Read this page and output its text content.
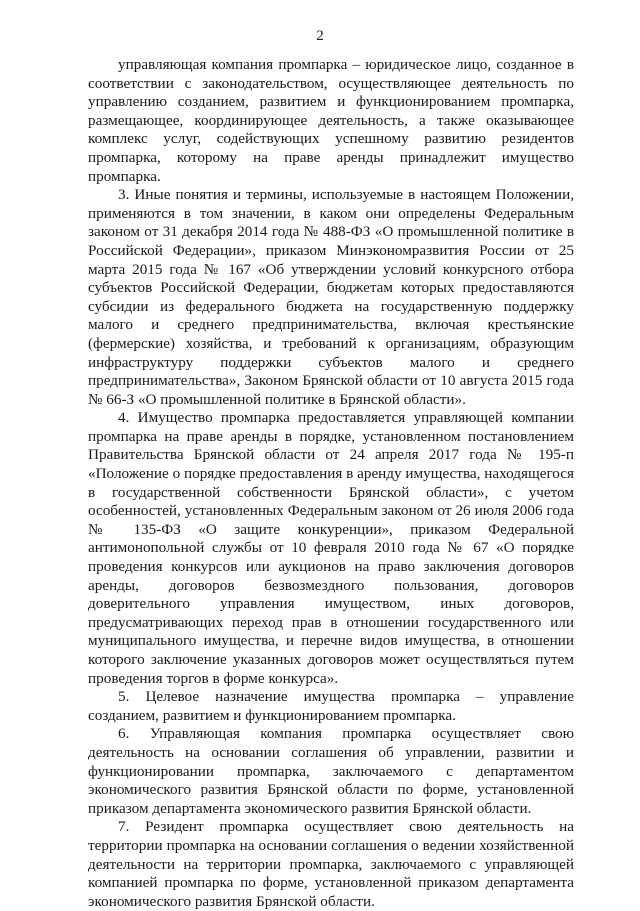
2

управляющая компания промпарка – юридическое лицо, созданное в соответствии с законодательством, осуществляющее деятельность по управлению созданием, развитием и функционированием промпарка, размещающее, координирующее деятельность, а также оказывающее комплекс услуг, содействующих успешному развитию резидентов промпарка, которому на праве аренды принадлежит имущество промпарка.

3. Иные понятия и термины, используемые в настоящем Положении, применяются в том значении, в каком они определены Федеральным законом от 31 декабря 2014 года № 488-ФЗ «О промышленной политике в Российской Федерации», приказом Минэкономразвития России от 25 марта 2015 года № 167 «Об утверждении условий конкурсного отбора субъектов Российской Федерации, бюджетам которых предоставляются субсидии из федерального бюджета на государственную поддержку малого и среднего предпринимательства, включая крестьянские (фермерские) хозяйства, и требований к организациям, образующим инфраструктуру поддержки субъектов малого и среднего предпринимательства», Законом Брянской области от 10 августа 2015 года № 66-З «О промышленной политике в Брянской области».

4. Имущество промпарка предоставляется управляющей компании промпарка на праве аренды в порядке, установленном постановлением Правительства Брянской области от 24 апреля 2017 года № 195-п «Положение о порядке предоставления в аренду имущества, находящегося в государственной собственности Брянской области», с учетом особенностей, установленных Федеральным законом от 26 июля 2006 года № 135-ФЗ «О защите конкуренции», приказом Федеральной антимонопольной службы от 10 февраля 2010 года № 67 «О порядке проведения конкурсов или аукционов на право заключения договоров аренды, договоров безвозмездного пользования, договоров доверительного управления имуществом, иных договоров, предусматривающих переход прав в отношении государственного или муниципального имущества, и перечне видов имущества, в отношении которого заключение указанных договоров может осуществляться путем проведения торгов в форме конкурса».

5. Целевое назначение имущества промпарка – управление созданием, развитием и функционированием промпарка.

6. Управляющая компания промпарка осуществляет свою деятельность на основании соглашения об управлении, развитии и функционировании промпарка, заключаемого с департаментом экономического развития Брянской области по форме, установленной приказом департамента экономического развития Брянской области.

7. Резидент промпарка осуществляет свою деятельность на территории промпарка на основании соглашения о ведении хозяйственной деятельности на территории промпарка, заключаемого с управляющей компанией промпарка по форме, установленной приказом департамента экономического развития Брянской области.
